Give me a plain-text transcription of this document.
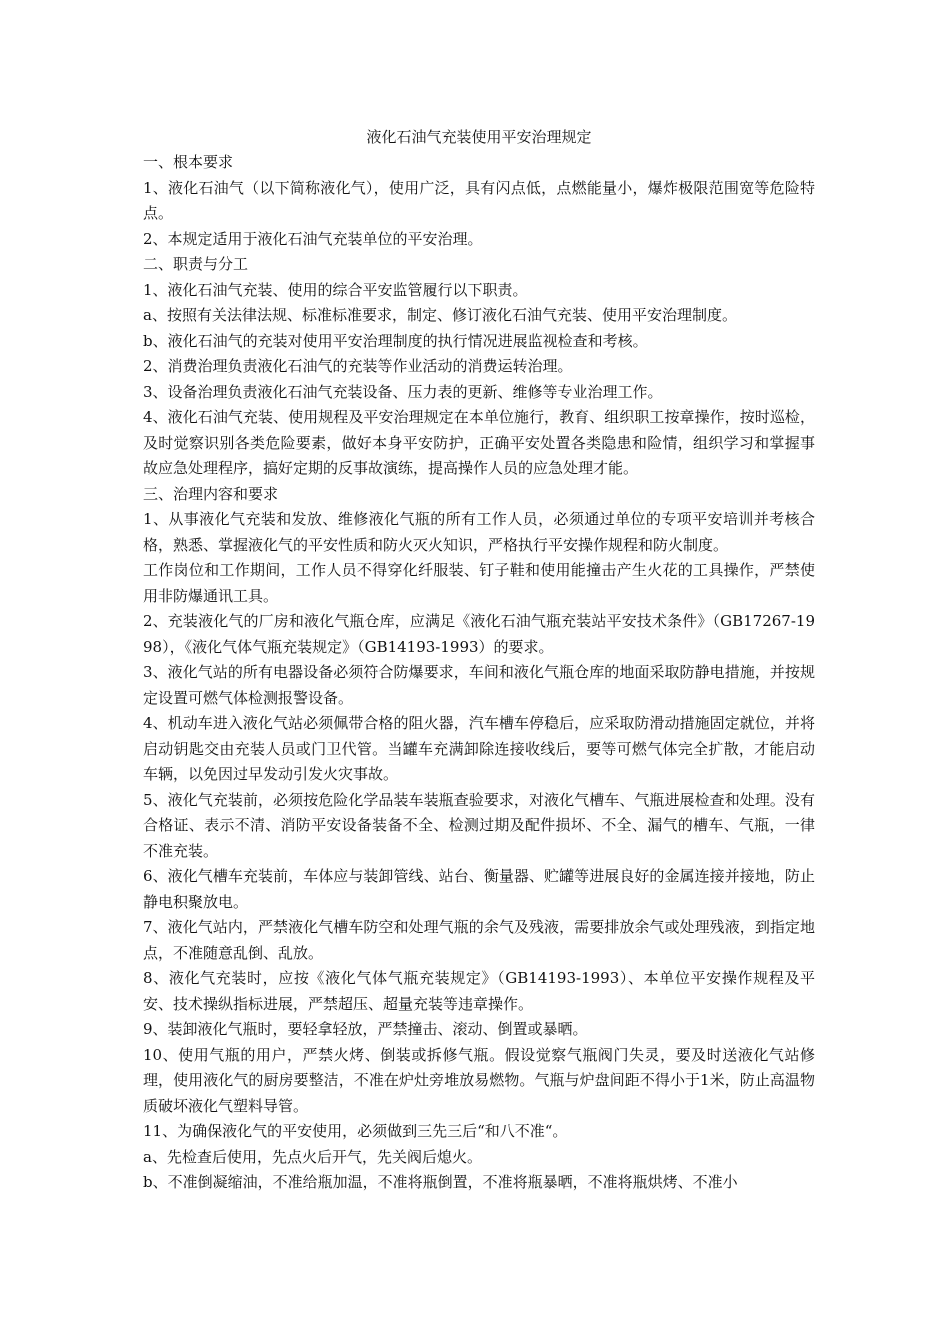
液化石油气充装使用平安治理规定

一、根本要求

1、液化石油气（以下简称液化气），使用广泛，具有闪点低，点燃能量小，爆炸极限范围宽等危险特点。

2、本规定适用于液化石油气充装单位的平安治理。

二、职责与分工

1、液化石油气充装、使用的综合平安监管履行以下职责。

a、按照有关法律法规、标准标准要求，制定、修订液化石油气充装、使用平安治理制度。

b、液化石油气的充装对使用平安治理制度的执行情况进展监视检查和考核。

2、消费治理负责液化石油气的充装等作业活动的消费运转治理。

3、设备治理负责液化石油气充装设备、压力表的更新、维修等专业治理工作。

4、液化石油气充装、使用规程及平安治理规定在本单位施行，教育、组织职工按章操作，按时巡检，及时觉察识别各类危险要素，做好本身平安防护，正确平安处置各类隐患和险情，组织学习和掌握事故应急处理程序，搞好定期的反事故演练，提高操作人员的应急处理才能。

三、治理内容和要求

1、从事液化气充装和发放、维修液化气瓶的所有工作人员，必须通过单位的专项平安培训并考核合格，熟悉、掌握液化气的平安性质和防火灭火知识，严格执行平安操作规程和防火制度。

工作岗位和工作期间，工作人员不得穿化纤服装、钉子鞋和使用能撞击产生火花的工具操作，严禁使用非防爆通讯工具。

2、充装液化气的厂房和液化气瓶仓库，应满足《液化石油气瓶充装站平安技术条件》（GB17267-1998），《液化气体气瓶充装规定》（GB14193-1993）的要求。

3、液化气站的所有电器设备必须符合防爆要求，车间和液化气瓶仓库的地面采取防静电措施，并按规定设置可燃气体检测报警设备。

4、机动车进入液化气站必须佩带合格的阻火器，汽车槽车停稳后，应采取防滑动措施固定就位，并将启动钥匙交由充装人员或门卫代管。当罐车充满卸除连接收线后，要等可燃气体完全扩散，才能启动车辆，以免因过早发动引发火灾事故。

5、液化气充装前，必须按危险化学品装车装瓶查验要求，对液化气槽车、气瓶进展检查和处理。没有合格证、表示不清、消防平安设备装备不全、检测过期及配件损坏、不全、漏气的槽车、气瓶，一律不准充装。

6、液化气槽车充装前，车体应与装卸管线、站台、衡量器、贮罐等进展良好的金属连接并接地，防止静电积聚放电。

7、液化气站内，严禁液化气槽车防空和处理气瓶的余气及残液，需要排放余气或处理残液，到指定地点，不准随意乱倒、乱放。

8、液化气充装时，应按《液化气体气瓶充装规定》（GB14193-1993）、本单位平安操作规程及平安、技术操纵指标进展，严禁超压、超量充装等违章操作。

9、装卸液化气瓶时，要轻拿轻放，严禁撞击、滚动、倒置或暴晒。

10、使用气瓶的用户，严禁火烤、倒装或拆修气瓶。假设觉察气瓶阀门失灵，要及时送液化气站修理，使用液化气的厨房要整洁，不准在炉灶旁堆放易燃物。气瓶与炉盘间距不得小于1米，防止高温物质破坏液化气塑料导管。

11、为确保液化气的平安使用，必须做到三先三后“和八不准“。

a、先检查后使用，先点火后开气，先关阀后熄火。

b、不准倒凝缩油，不准给瓶加温，不准将瓶倒置，不准将瓶暴晒，不准将瓶烘烤、不准小
